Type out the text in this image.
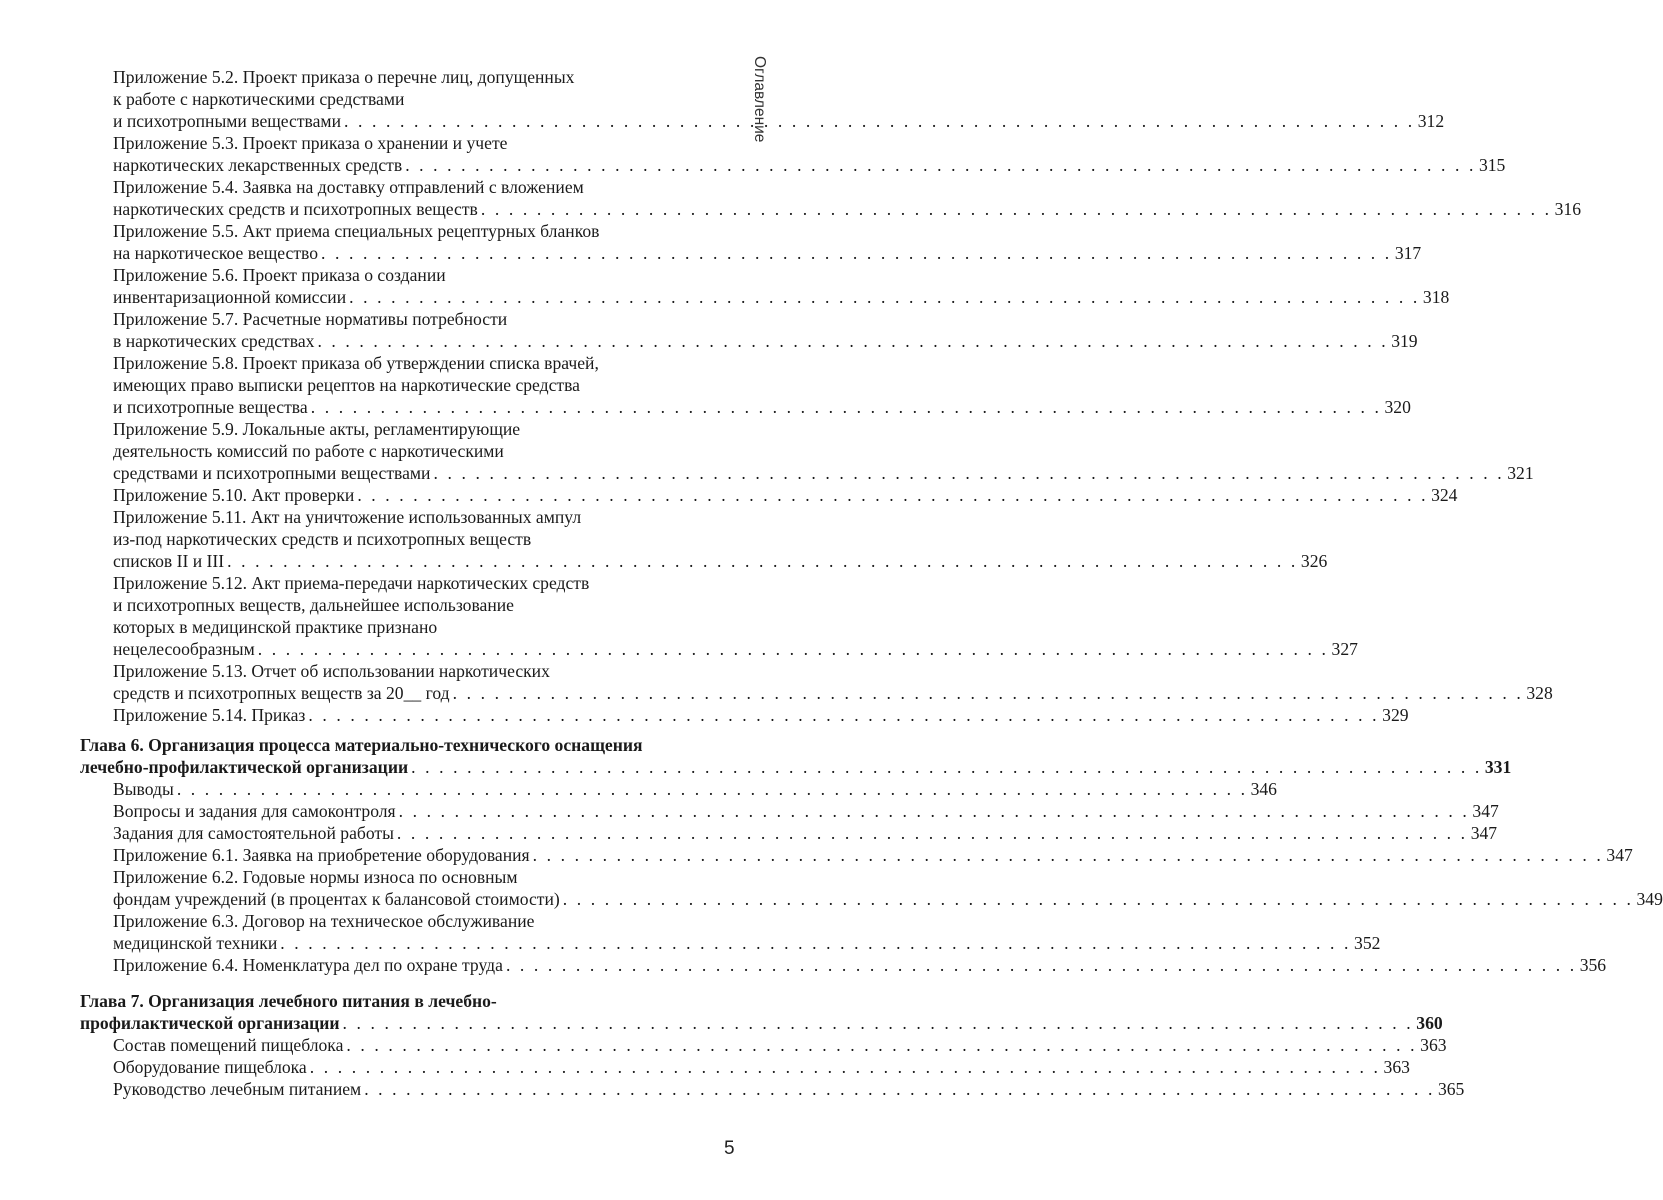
Оглавление
Приложение 5.2. Проект приказа о перечне лиц, допущенных
к работе с наркотическими средствами
и психотропными веществами . . . . . . . . . . . . . . . . . . . . . . . . . . . . . . . . . . . . . . . . . . . . . . . . . . . . . . . . . . . . . . . . . . . . . . . . . . . . . 312
Приложение 5.3. Проект приказа о хранении и учете
наркотических лекарственных средств . . . . . . . . . . . . . . . . . . . . . . . . . . . . . . . . . . . . . . . . . . . . . . . . . . . . . . . . . . . . . . . . . . . . . . . . . . . . . 315
Приложение 5.4. Заявка на доставку отправлений с вложением
наркотических средств и психотропных веществ . . . . . . . . . . . . . . . . . . . . . . . . . . . . . . . . . . . . . . . . . . . . . . . . . . . . . . . . . . . . . . . . . . . . . . . . . . . . . 316
Приложение 5.5. Акт приема специальных рецептурных бланков
на наркотическое вещество . . . . . . . . . . . . . . . . . . . . . . . . . . . . . . . . . . . . . . . . . . . . . . . . . . . . . . . . . . . . . . . . . . . . . . . . . . . . . 317
Приложение 5.6. Проект приказа о создании
инвентаризационной комиссии . . . . . . . . . . . . . . . . . . . . . . . . . . . . . . . . . . . . . . . . . . . . . . . . . . . . . . . . . . . . . . . . . . . . . . . . . . . . . 318
Приложение 5.7. Расчетные нормативы потребности
в наркотических средствах . . . . . . . . . . . . . . . . . . . . . . . . . . . . . . . . . . . . . . . . . . . . . . . . . . . . . . . . . . . . . . . . . . . . . . . . . . . . . 319
Приложение 5.8. Проект приказа об утверждении списка врачей,
имеющих право выписки рецептов на наркотические средства
и психотропные вещества . . . . . . . . . . . . . . . . . . . . . . . . . . . . . . . . . . . . . . . . . . . . . . . . . . . . . . . . . . . . . . . . . . . . . . . . . . . . . 320
Приложение 5.9. Локальные акты, регламентирующие
деятельность комиссий по работе с наркотическими
средствами и психотропными веществами . . . . . . . . . . . . . . . . . . . . . . . . . . . . . . . . . . . . . . . . . . . . . . . . . . . . . . . . . . . . . . . . . . . . . . . . . . . . . 321
Приложение 5.10. Акт проверки . . . . . . . . . . . . . . . . . . . . . . . . . . . . . . . . . . . . . . . . . . . . . . . . . . . . . . . . . . . . . . . . . . . . . . . . . . . . . 324
Приложение 5.11. Акт на уничтожение использованных ампул
из-под наркотических средств и психотропных веществ
списков II и III . . . . . . . . . . . . . . . . . . . . . . . . . . . . . . . . . . . . . . . . . . . . . . . . . . . . . . . . . . . . . . . . . . . . . . . . . . . . . 326
Приложение 5.12. Акт приема-передачи наркотических средств
и психотропных веществ, дальнейшее использование
которых в медицинской практике признано
нецелесообразным . . . . . . . . . . . . . . . . . . . . . . . . . . . . . . . . . . . . . . . . . . . . . . . . . . . . . . . . . . . . . . . . . . . . . . . . . . . . . 327
Приложение 5.13. Отчет об использовании наркотических
средств и психотропных веществ за 20__ год . . . . . . . . . . . . . . . . . . . . . . . . . . . . . . . . . . . . . . . . . . . . . . . . . . . . . . . . . . . . . . . . . . . . . . . . . . . . . 328
Приложение 5.14. Приказ . . . . . . . . . . . . . . . . . . . . . . . . . . . . . . . . . . . . . . . . . . . . . . . . . . . . . . . . . . . . . . . . . . . . . . . . . . . . . 329
Глава 6. Организация процесса материально-технического оснащения
лечебно-профилактической организации . . . . . . . . . . . . . . . . . . . . . . . . . . . . . . . . . . . . . . . . . . . . . . . . . . . . . . . . . . . . . . . . . . . . . . . . . . . . . 331
Выводы . . . . . . . . . . . . . . . . . . . . . . . . . . . . . . . . . . . . . . . . . . . . . . . . . . . . . . . . . . . . . . . . . . . . . . . . . . . . . 346
Вопросы и задания для самоконтроля . . . . . . . . . . . . . . . . . . . . . . . . . . . . . . . . . . . . . . . . . . . . . . . . . . . . . . . . . . . . . . . . . . . . . . . . . . . . . 347
Задания для самостоятельной работы . . . . . . . . . . . . . . . . . . . . . . . . . . . . . . . . . . . . . . . . . . . . . . . . . . . . . . . . . . . . . . . . . . . . . . . . . . . . . 347
Приложение 6.1. Заявка на приобретение оборудования . . . . . . . . . . . . . . . . . . . . . . . . . . . . . . . . . . . . . . . . . . . . . . . . . . . . . . . . . . . . . . . . . . . . . . . . . . . . . 347
Приложение 6.2. Годовые нормы износа по основным
фондам учреждений (в процентах к балансовой стоимости) . . . . . . . . . . . . . . . . . . . . . . . . . . . . . . . . . . . . . . . . . . . . . . . . . . . . . . . . . . . . . . . . . . . . . . . . . . . . . 349
Приложение 6.3. Договор на техническое обслуживание
медицинской техники . . . . . . . . . . . . . . . . . . . . . . . . . . . . . . . . . . . . . . . . . . . . . . . . . . . . . . . . . . . . . . . . . . . . . . . . . . . . . 352
Приложение 6.4. Номенклатура дел по охране труда . . . . . . . . . . . . . . . . . . . . . . . . . . . . . . . . . . . . . . . . . . . . . . . . . . . . . . . . . . . . . . . . . . . . . . . . . . . . . 356
Глава 7. Организация лечебного питания в лечебно-
профилактической организации . . . . . . . . . . . . . . . . . . . . . . . . . . . . . . . . . . . . . . . . . . . . . . . . . . . . . . . . . . . . . . . . . . . . . . . . . . . . . 360
Состав помещений пищеблока . . . . . . . . . . . . . . . . . . . . . . . . . . . . . . . . . . . . . . . . . . . . . . . . . . . . . . . . . . . . . . . . . . . . . . . . . . . . . 363
Оборудование пищеблока . . . . . . . . . . . . . . . . . . . . . . . . . . . . . . . . . . . . . . . . . . . . . . . . . . . . . . . . . . . . . . . . . . . . . . . . . . . . . 363
Руководство лечебным питанием . . . . . . . . . . . . . . . . . . . . . . . . . . . . . . . . . . . . . . . . . . . . . . . . . . . . . . . . . . . . . . . . . . . . . . . . . . . . . 365
5
